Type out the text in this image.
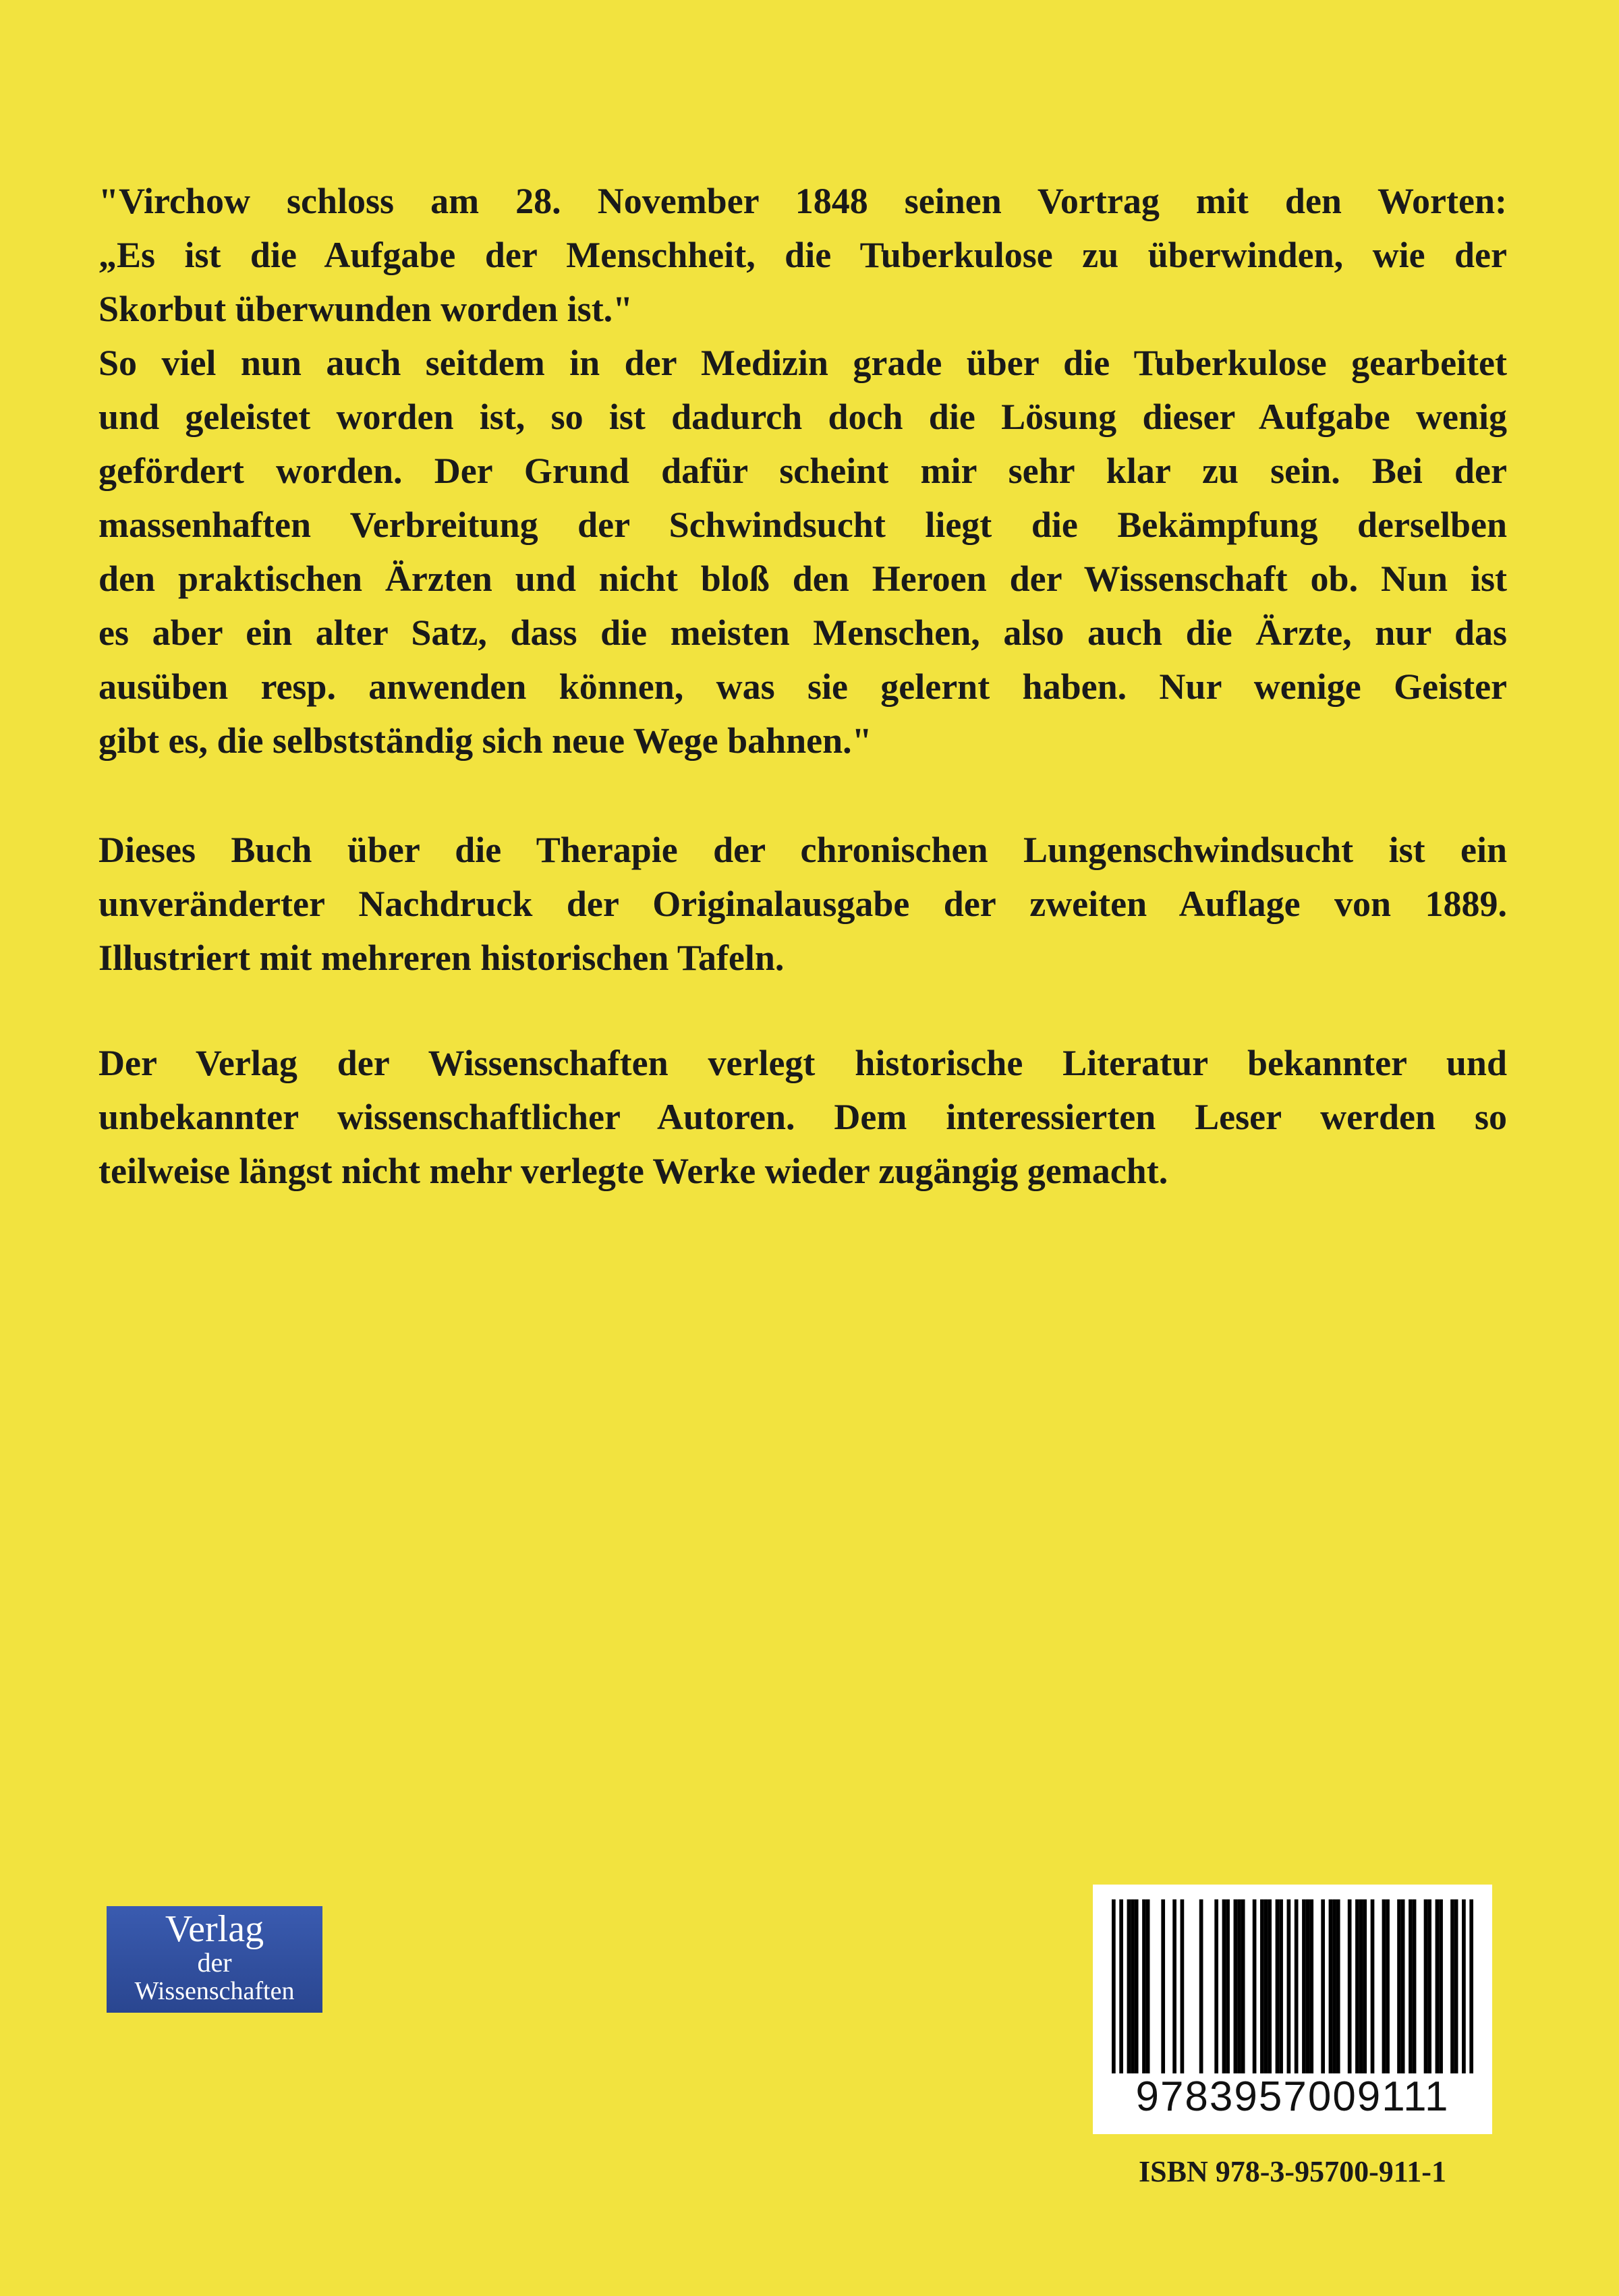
"Virchow schloss am 28. November 1848 seinen Vortrag mit den Worten:
„Es ist die Aufgabe der Menschheit, die Tuberkulose zu überwinden, wie der
Skorbut überwunden worden ist."
So viel nun auch seitdem in der Medizin grade über die Tuberkulose gearbeitet
und geleistet worden ist, so ist dadurch doch die Lösung dieser Aufgabe wenig
gefördert worden. Der Grund dafür scheint mir sehr klar zu sein. Bei der
massenhaften Verbreitung der Schwindsucht liegt die Bekämpfung derselben
den praktischen Ärzten und nicht bloß den Heroen der Wissenschaft ob. Nun ist
es aber ein alter Satz, dass die meisten Menschen, also auch die Ärzte, nur das
ausüben resp. anwenden können, was sie gelernt haben. Nur wenige Geister
gibt es, die selbstständig sich neue Wege bahnen."
Dieses Buch über die Therapie der chronischen Lungenschwindsucht ist ein
unveränderter Nachdruck der Originalausgabe der zweiten Auflage von 1889.
Illustriert mit mehreren historischen Tafeln.
Der Verlag der Wissenschaften verlegt historische Literatur bekannter und
unbekannter wissenschaftlicher Autoren. Dem interessierten Leser werden so
teilweise längst nicht mehr verlegte Werke wieder zugängig gemacht.
Verlag
der
Wissenschaften
9783957009111
ISBN 978-3-95700-911-1
